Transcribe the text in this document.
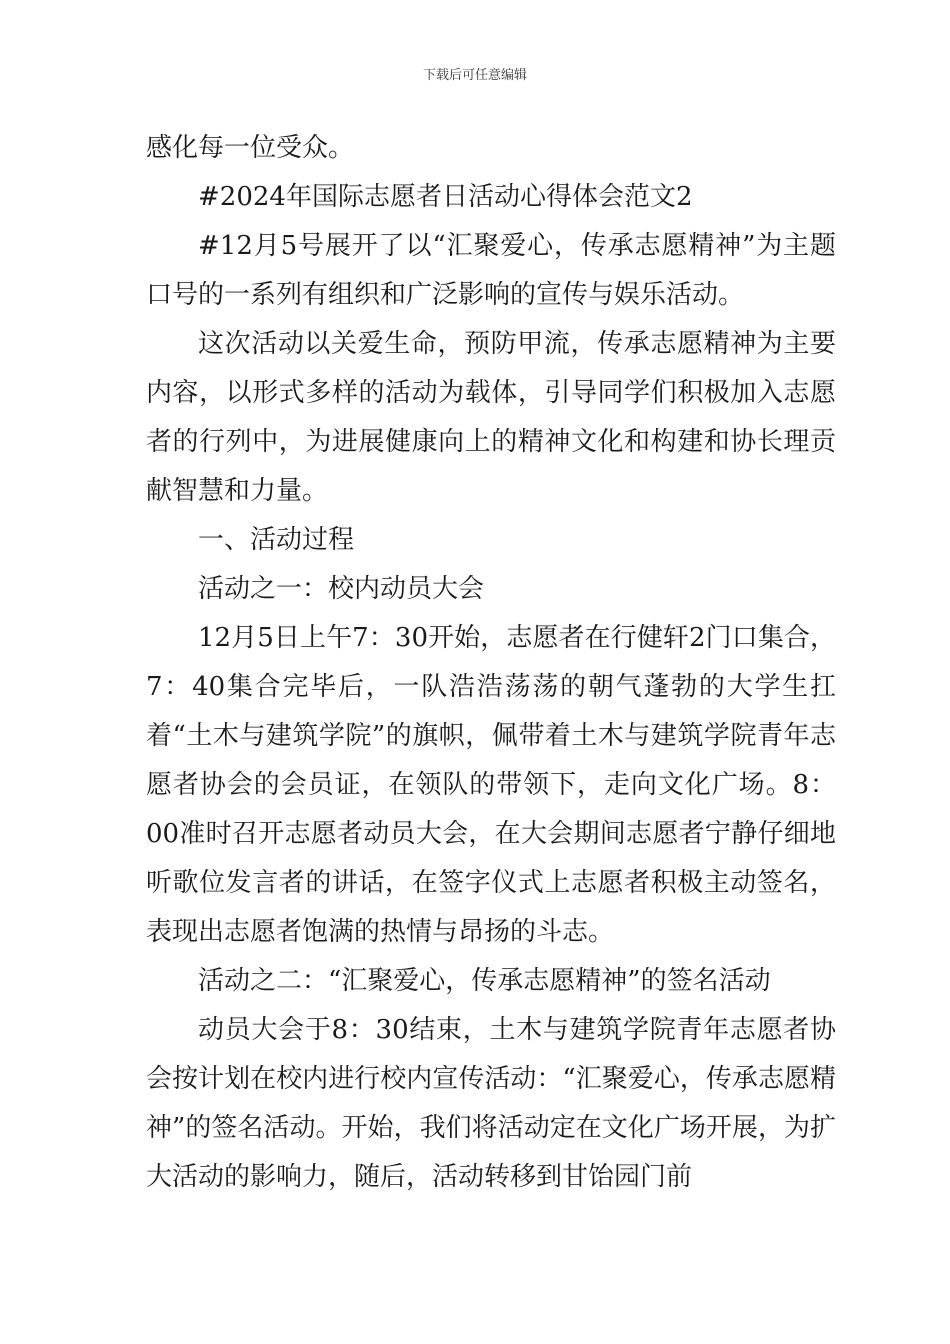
下载后可任意编辑

感化每一位受众。

#2024年国际志愿者日活动心得体会范文2

#12月5号展开了以“汇聚爱心，传承志愿精神”为主题口号的一系列有组织和广泛影响的宣传与娱乐活动。

这次活动以关爱生命，预防甲流，传承志愿精神为主要内容，以形式多样的活动为载体，引导同学们积极加入志愿者的行列中，为进展健康向上的精神文化和构建和协长理贡献智慧和力量。

一、活动过程

活动之一：校内动员大会

12月5日上午7：30开始，志愿者在行健轩2门口集合，7：40集合完毕后，一队浩浩荡荡的朝气蓬勃的大学生扛着“土木与建筑学院”的旗帜，佩带着土木与建筑学院青年志愿者协会的会员证，在领队的带领下，走向文化广场。8：00准时召开志愿者动员大会，在大会期间志愿者宁静仔细地听歌位发言者的讲话，在签字仪式上志愿者积极主动签名，表现出志愿者饱满的热情与昂扬的斗志。

活动之二：“汇聚爱心，传承志愿精神”的签名活动

动员大会于8：30结束，土木与建筑学院青年志愿者协会按计划在校内进行校内宣传活动：“汇聚爱心，传承志愿精神”的签名活动。开始，我们将活动定在文化广场开展，为扩大活动的影响力，随后，活动转移到甘饴园门前
